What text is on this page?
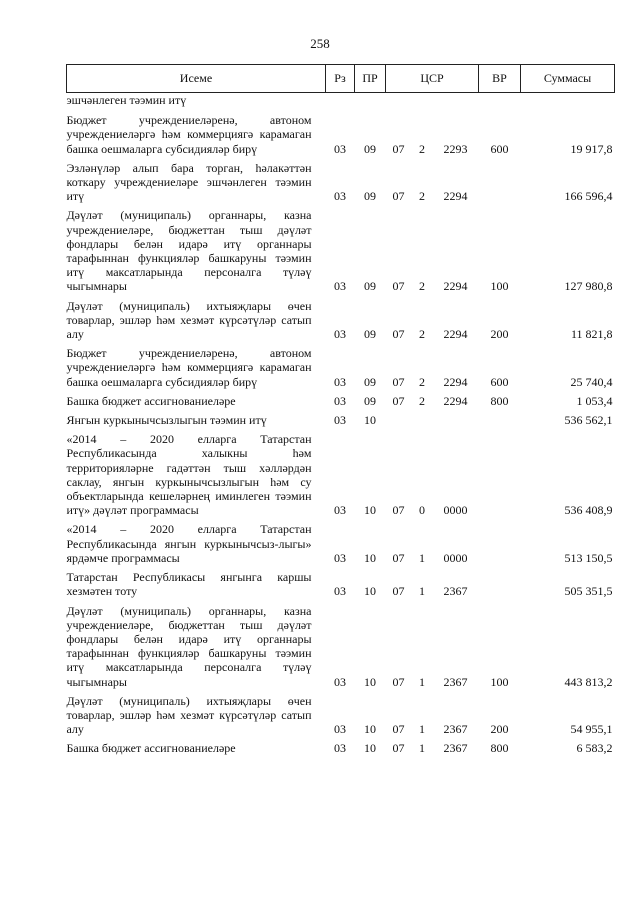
258
Исеме	Рз	ПР	ЦСР			ВР	Суммасы
эшчәнлеген тәэмин итү							
Бюджет учреждениеләренә, автоном учреждениеләргә һәм коммерциягә карамаган башка оешмаларга субсидияләр бирү	03	09	07	2	2293	600	19 917,8
Эзләнүләр алып бара торган, һәлакәттән коткару учреждениеләре эшчәнлеген тәэмин итү	03	09	07	2	2294		166 596,4
Дәүләт (муниципаль) органнары, казна учреждениеләре, бюджеттан тыш дәүләт фондлары белән идарә итү органнары тарафыннан функцияләр башкаруны тәэмин итү максатларында персоналга түләү чыгымнары	03	09	07	2	2294	100	127 980,8
Дәүләт (муниципаль) ихтыяҗлары өчен товарлар, эшләр һәм хезмәт күрсәтүләр сатып алу	03	09	07	2	2294	200	11 821,8
Бюджет учреждениеләренә, автоном учреждениеләргә һәм коммерциягә карамаган башка оешмаларга субсидияләр бирү	03	09	07	2	2294	600	25 740,4
Башка бюджет ассигнованиеләре	03	09	07	2	2294	800	1 053,4
Янгын куркынычсызлыгын тәэмин итү	03	10					536 562,1
«2014 – 2020 елларга Татарстан Республикасында халыкны һәм территорияләрне гадәттән тыш хәлләрдән саклау, янгын куркынычсызлыгын һәм су объектларында кешеләрнең иминлеген тәэмин итү» дәүләт программасы	03	10	07	0	0000		536 408,9
«2014 – 2020 елларга Татарстан Республикасында янгын куркынычсыз-лыгы» ярдәмче программасы	03	10	07	1	0000		513 150,5
Татарстан Республикасы янгынга каршы хезмәтен тоту	03	10	07	1	2367		505 351,5
Дәүләт (муниципаль) органнары, казна учреждениеләре, бюджеттан тыш дәүләт фондлары белән идарә итү органнары тарафыннан функцияләр башкаруны тәэмин итү максатларында персоналга түләү чыгымнары	03	10	07	1	2367	100	443 813,2
Дәүләт (муниципаль) ихтыяҗлары өчен товарлар, эшләр һәм хезмәт күрсәтүләр сатып алу	03	10	07	1	2367	200	54 955,1
Башка бюджет ассигнованиеләре	03	10	07	1	2367	800	6 583,2
